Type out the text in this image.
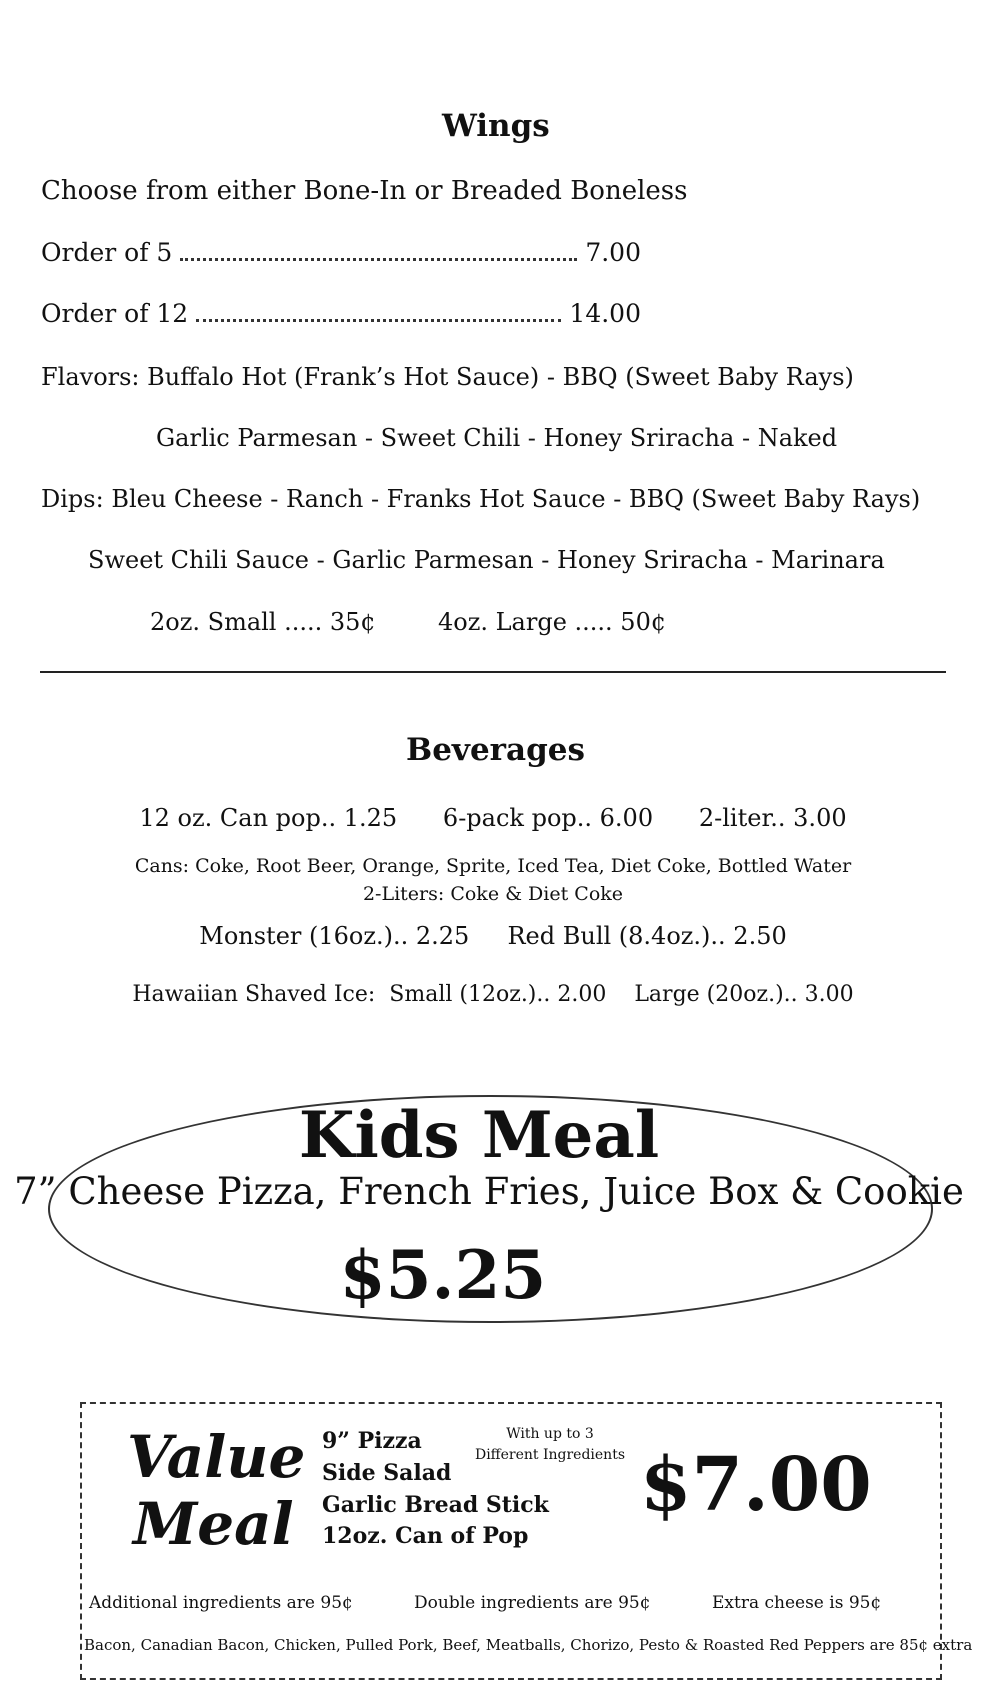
Wings
Choose from either Bone-In or Breaded Boneless
Order of 5	7.00
Order of 12	14.00
Flavors: Buffalo Hot (Frank’s Hot Sauce) - BBQ (Sweet Baby Rays)
Garlic Parmesan - Sweet Chili - Honey Sriracha - Naked
Dips: Bleu Cheese - Ranch - Franks Hot Sauce - BBQ (Sweet Baby Rays)
Sweet Chili Sauce - Garlic Parmesan - Honey Sriracha - Marinara
2oz. Small ..... 35¢	4oz. Large ..... 50¢
Beverages
12 oz. Can pop.. 1.25      6-pack pop.. 6.00      2-liter.. 3.00
Cans: Coke, Root Beer, Orange, Sprite, Iced Tea, Diet Coke, Bottled Water
2-Liters: Coke & Diet Coke
Monster (16oz.).. 2.25     Red Bull (8.4oz.).. 2.50
Hawaiian Shaved Ice:  Small (12oz.).. 2.00    Large (20oz.).. 3.00
Kids Meal
7” Cheese Pizza, French Fries, Juice Box & Cookie
$5.25
Value
Meal
9” Pizza
Side Salad
Garlic Bread Stick
12oz. Can of Pop
With up to 3
Different Ingredients $7.00
Additional ingredients are 95¢	Double ingredients are 95¢	Extra cheese is 95¢
Bacon, Canadian Bacon, Chicken, Pulled Pork, Beef, Meatballs, Chorizo, Pesto & Roasted Red Peppers are 85¢ extra
